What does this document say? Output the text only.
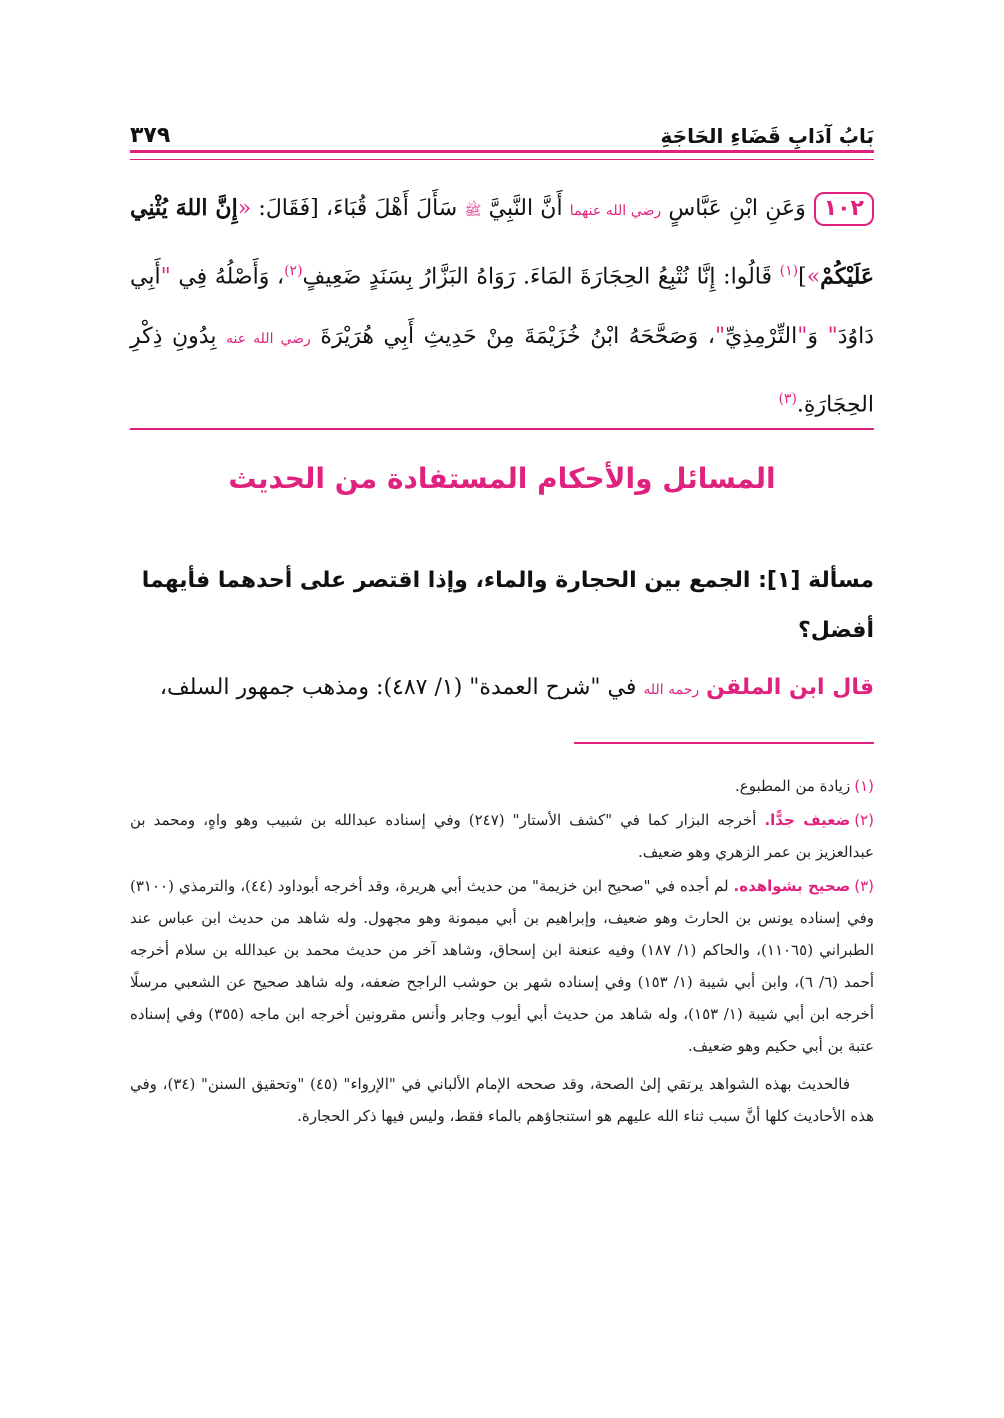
بَابُ آدَابِ قَضَاءِ الحَاجَةِ
٣٧٩

١٠٢وَعَنِ ابْنِ عَبَّاسٍ رضي الله عنهما أَنَّ النَّبِيَّ ﷺ سَأَلَ أَهْلَ قُبَاءَ، [فَقَالَ: «إِنَّ اللهَ يُثْنِي عَلَيْكُمْ»]$^{(١)}$ قَالُوا: إِنَّا نُتْبِعُ الحِجَارَةَ المَاءَ. رَوَاهُ البَزَّارُ بِسَنَدٍ ضَعِيفٍ$^{(٢)}$، وَأَصْلُهُ فِي "أَبِي دَاوُدَ" وَ"التِّرْمِذِيِّ"، وَصَحَّحَهُ ابْنُ خُزَيْمَةَ مِنْ حَدِيثِ أَبِي هُرَيْرَةَ رضي الله عنه بِدُونِ ذِكْرِ الحِجَارَةِ.$^{(٣)}$

المسائل والأحكام المستفادة من الحديث
مسألة [١]: الجمع بين الحجارة والماء، وإذا اقتصر على أحدهما فأيهما أفضل؟
قال ابن الملقن رحمه الله في "شرح العمدة" (١/ ٤٨٧): ومذهب جمهور السلف،

(١)زيادة من المطبوع.

(٢)ضعيف جدًّا. أخرجه البزار كما في "كشف الأستار" (٢٤٧) وفي إسناده عبدالله بن شبيب وهو واهٍ، ومحمد بن عبدالعزيز بن عمر الزهري وهو ضعيف.

(٣)صحيح بشواهده. لم أجده في "صحيح ابن خزيمة" من حديث أبي هريرة، وقد أخرجه أبوداود (٤٤)، والترمذي (٣١٠٠) وفي إسناده يونس بن الحارث وهو ضعيف، وإبراهيم بن أبي ميمونة وهو مجهول. وله شاهد من حديث ابن عباس عند الطبراني (١١٠٦٥)، والحاكم (١/ ١٨٧) وفيه عنعنة ابن إسحاق، وشاهد آخر من حديث محمد بن عبدالله بن سلام أخرجه أحمد (٦/ ٦)، وابن أبي شيبة (١/ ١٥٣) وفي إسناده شهر بن حوشب الراجح ضعفه، وله شاهد صحيح عن الشعبي مرسلًا أخرجه ابن أبي شيبة (١/ ١٥٣)، وله شاهد من حديث أبي أيوب وجابر وأنس مقرونين أخرجه ابن ماجه (٣٥٥) وفي إسناده عتبة بن أبي حكيم وهو ضعيف.

فالحديث بهذه الشواهد يرتقي إلىٰ الصحة، وقد صححه الإمام الألباني في "الإرواء" (٤٥) "وتحقيق السنن" (٣٤)، وفي هذه الأحاديث كلها أنَّ سبب ثناء الله عليهم هو استنجاؤهم بالماء فقط، وليس فيها ذكر الحجارة.
